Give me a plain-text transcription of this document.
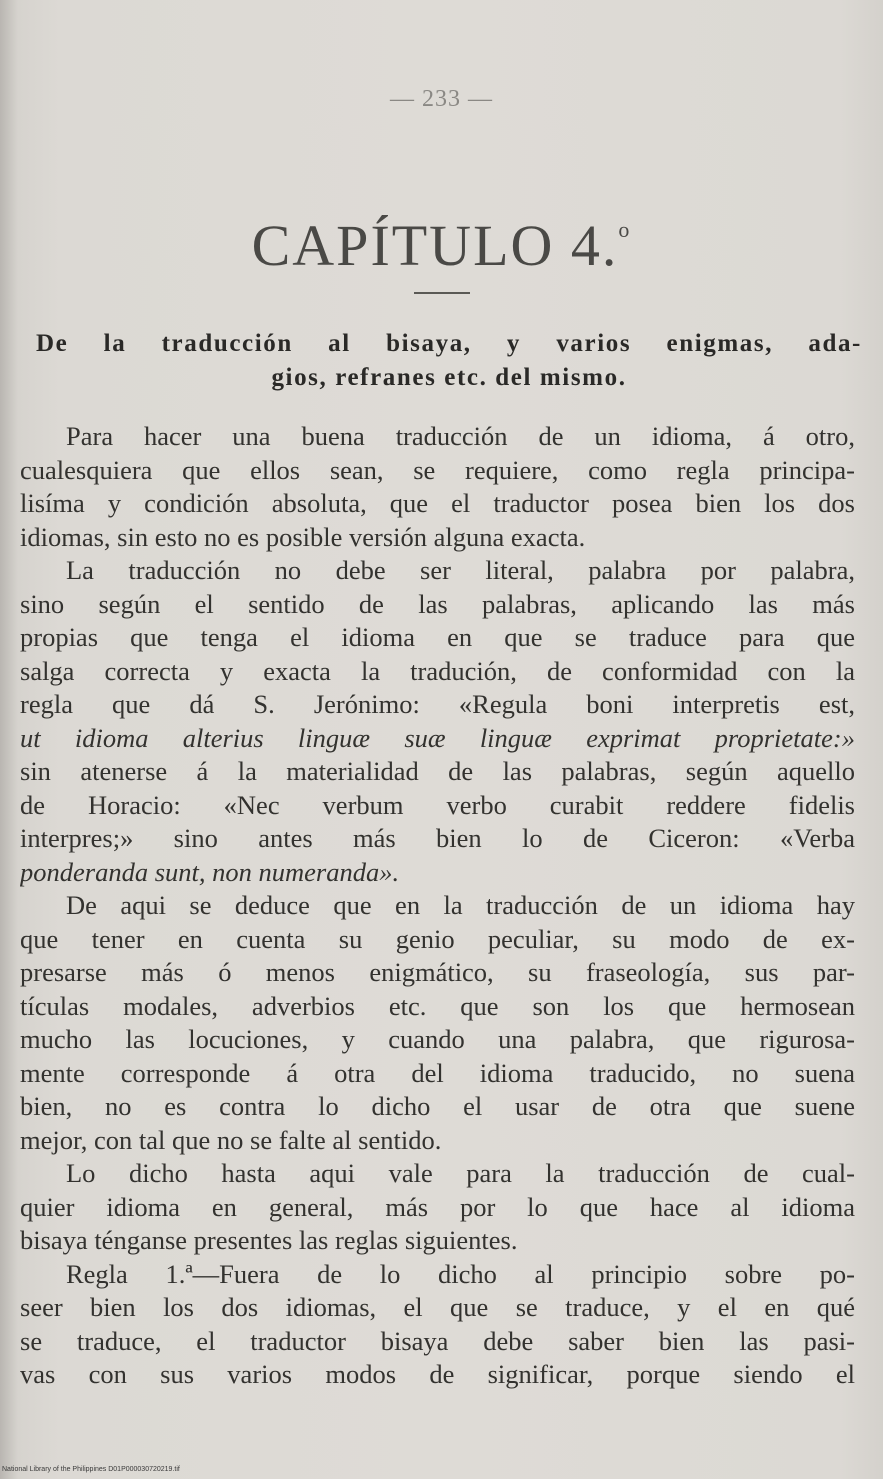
— 233 —
CAPÍTULO 4.$^o$
De la traducción al bisaya, y varios enigmas, ada-
gios, refranes etc. del mismo.
Para hacer una buena traducción de un idioma, á otro,
cualesquiera que ellos sean, se requiere, como regla principa-
lisíma y condición absoluta, que el traductor posea bien los dos
idiomas, sin esto no es posible versión alguna exacta.
La traducción no debe ser literal, palabra por palabra,
sino según el sentido de las palabras, aplicando las más
propias que tenga el idioma en que se traduce para que
salga correcta y exacta la tradución, de conformidad con la
regla que dá S. Jerónimo: «Regula boni interpretis est,
ut idioma alterius linguæ suæ linguæ exprimat proprietate:»
sin atenerse á la materialidad de las palabras, según aquello
de Horacio: «Nec verbum verbo curabit reddere fidelis
interpres;» sino antes más bien lo de Ciceron: «Verba
ponderanda sunt, non numeranda».
De aqui se deduce que en la traducción de un idioma hay
que tener en cuenta su genio peculiar, su modo de ex-
presarse más ó menos enigmático, su fraseología, sus par-
tículas modales, adverbios etc. que son los que hermosean
mucho las locuciones, y cuando una palabra, que rigurosa-
mente corresponde á otra del idioma traducido, no suena
bien, no es contra lo dicho el usar de otra que suene
mejor, con tal que no se falte al sentido.
Lo dicho hasta aqui vale para la traducción de cual-
quier idioma en general, más por lo que hace al idioma
bisaya ténganse presentes las reglas siguientes.
Regla 1.ª—Fuera de lo dicho al principio sobre po-
seer bien los dos idiomas, el que se traduce, y el en qué
se traduce, el traductor bisaya debe saber bien las pasi-
vas con sus varios modos de significar, porque siendo el
National Library of the Philippines D01P000030720219.tif
